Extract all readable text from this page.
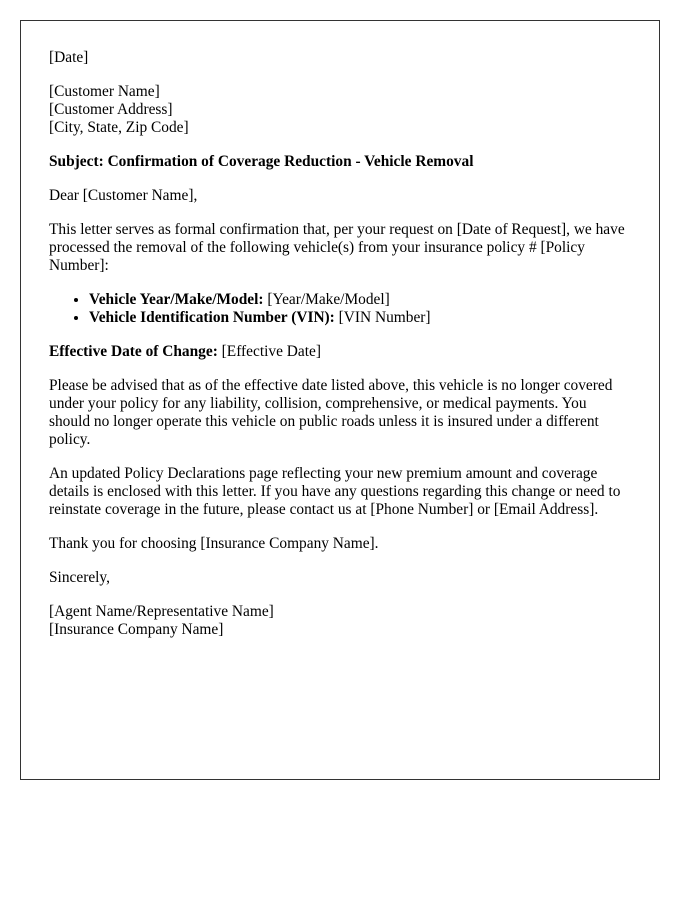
[Date]

[Customer Name]
[Customer Address]
[City, State, Zip Code]

Subject: Confirmation of Coverage Reduction - Vehicle Removal

Dear [Customer Name],

This letter serves as formal confirmation that, per your request on [Date of Request], we have processed the removal of the following vehicle(s) from your insurance policy # [Policy Number]:

• Vehicle Year/Make/Model: [Year/Make/Model]
• Vehicle Identification Number (VIN): [VIN Number]

Effective Date of Change: [Effective Date]

Please be advised that as of the effective date listed above, this vehicle is no longer covered under your policy for any liability, collision, comprehensive, or medical payments. You should no longer operate this vehicle on public roads unless it is insured under a different policy.

An updated Policy Declarations page reflecting your new premium amount and coverage details is enclosed with this letter. If you have any questions regarding this change or need to reinstate coverage in the future, please contact us at [Phone Number] or [Email Address].

Thank you for choosing [Insurance Company Name].

Sincerely,

[Agent Name/Representative Name]
[Insurance Company Name]
